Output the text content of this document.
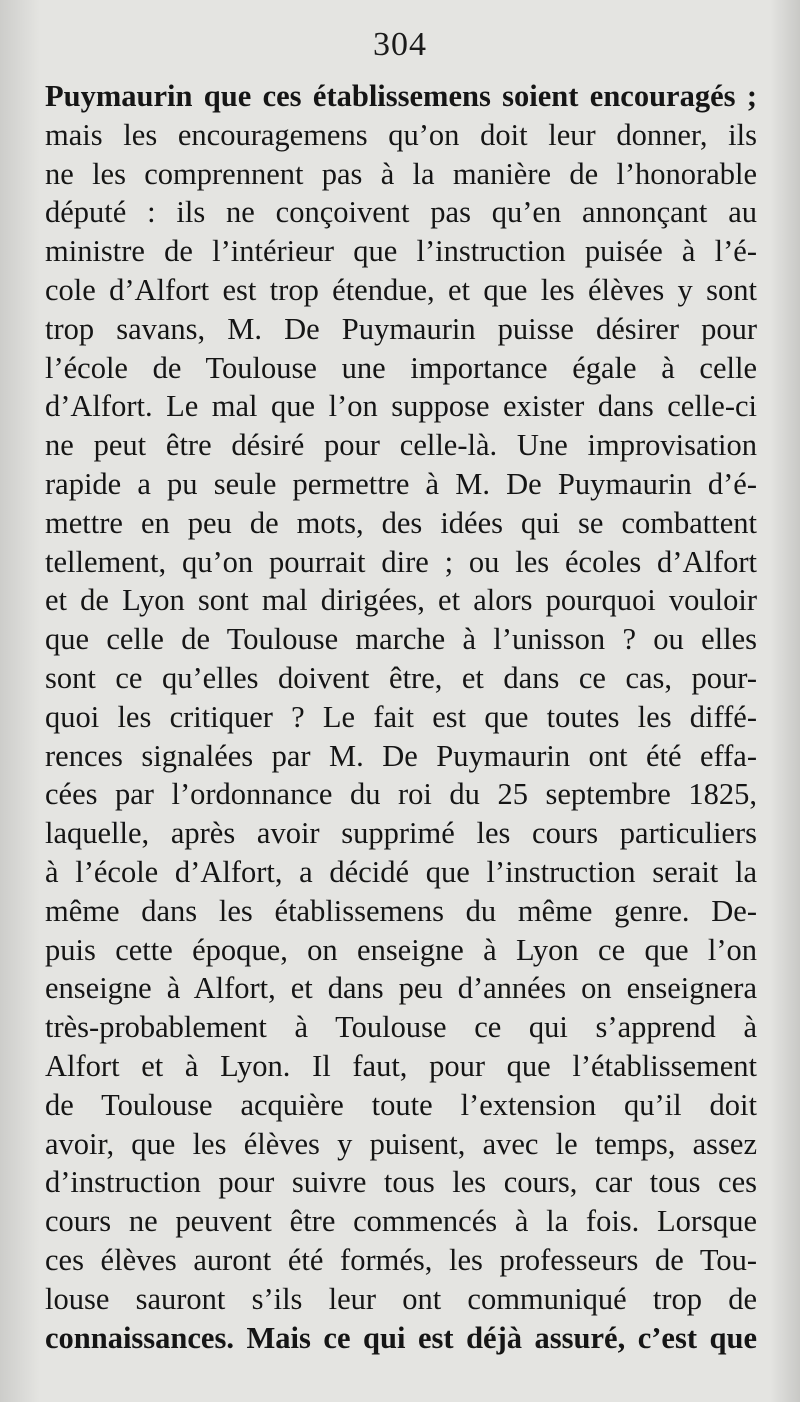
304
Puymaurin que ces établissemens soient encouragés ;
mais les encouragemens qu’on doit leur donner, ils
ne les comprennent pas à la manière de l’honorable
député : ils ne conçoivent pas qu’en annonçant au
ministre de l’intérieur que l’instruction puisée à l’é-
cole d’Alfort est trop étendue, et que les élèves y sont
trop savans, M. De Puymaurin puisse désirer pour
l’école de Toulouse une importance égale à celle
d’Alfort. Le mal que l’on suppose exister dans celle-ci
ne peut être désiré pour celle-là. Une improvisation
rapide a pu seule permettre à M. De Puymaurin d’é-
mettre en peu de mots, des idées qui se combattent
tellement, qu’on pourrait dire ; ou les écoles d’Alfort
et de Lyon sont mal dirigées, et alors pourquoi vouloir
que celle de Toulouse marche à l’unisson ? ou elles
sont ce qu’elles doivent être, et dans ce cas, pour-
quoi les critiquer ? Le fait est que toutes les diffé-
rences signalées par M. De Puymaurin ont été effa-
cées par l’ordonnance du roi du 25 septembre 1825,
laquelle, après avoir supprimé les cours particuliers
à l’école d’Alfort, a décidé que l’instruction serait la
même dans les établissemens du même genre. De-
puis cette époque, on enseigne à Lyon ce que l’on
enseigne à Alfort, et dans peu d’années on enseignera
très-probablement à Toulouse ce qui s’apprend à
Alfort et à Lyon. Il faut, pour que l’établissement
de Toulouse acquière toute l’extension qu’il doit
avoir, que les élèves y puisent, avec le temps, assez
d’instruction pour suivre tous les cours, car tous ces
cours ne peuvent être commencés à la fois. Lorsque
ces élèves auront été formés, les professeurs de Tou-
louse sauront s’ils leur ont communiqué trop de
connaissances. Mais ce qui est déjà assuré, c’est que
